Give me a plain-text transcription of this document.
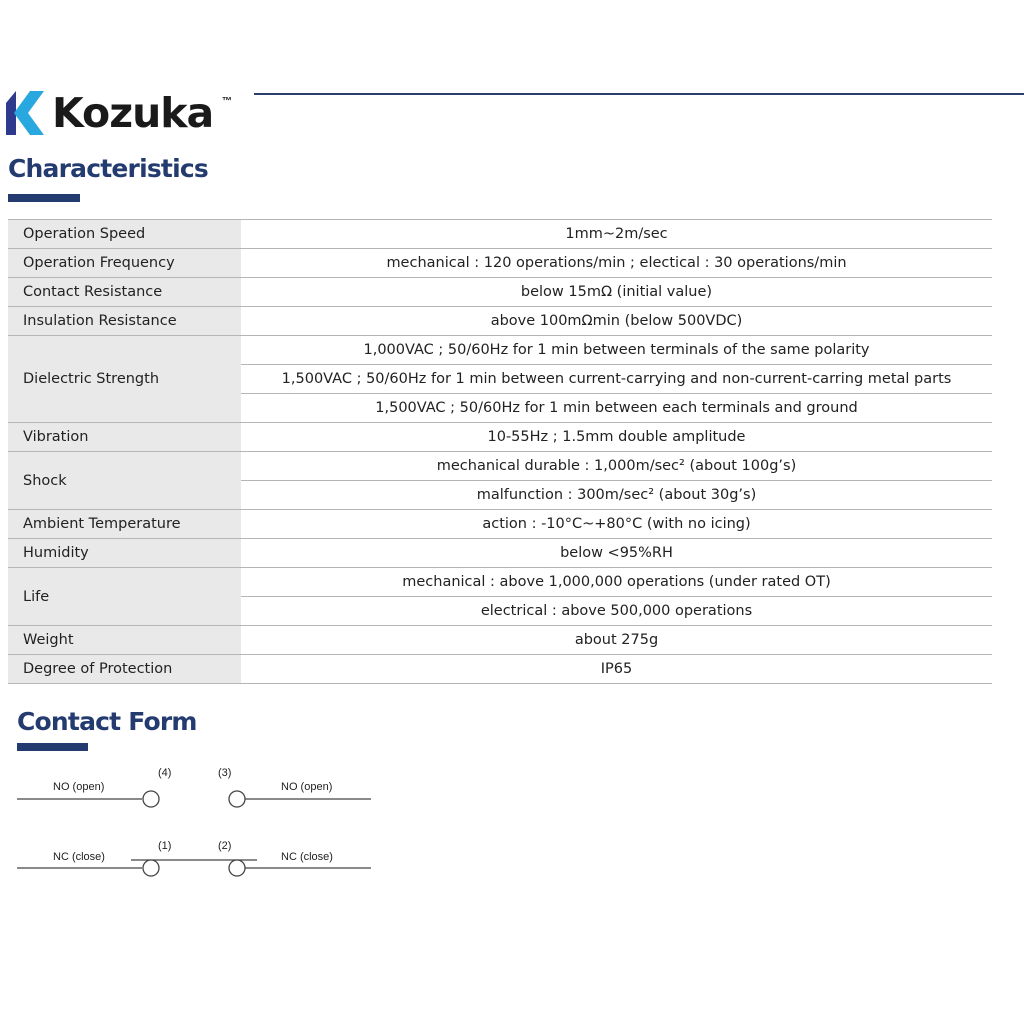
Kozuka ™
Characteristics
Operation Speed	1mm~2m/sec
Operation Frequency	mechanical : 120 operations/min ; electical : 30 operations/min
Contact Resistance	below 15mΩ (initial value)
Insulation Resistance	above 100mΩmin (below 500VDC)
Dielectric Strength	1,000VAC ; 50/60Hz for 1 min between terminals of the same polarity
	1,500VAC ; 50/60Hz for 1 min between current-carrying and non-current-carring metal parts
	1,500VAC ; 50/60Hz for 1 min between each terminals and ground
Vibration	10-55Hz ; 1.5mm double amplitude
Shock	mechanical durable : 1,000m/sec² (about 100g’s)
	malfunction : 300m/sec² (about 30g’s)
Ambient Temperature	action : -10°C~+80°C (with no icing)
Humidity	below <95%RH
Life	mechanical : above 1,000,000 operations (under rated OT)
	electrical : above 500,000 operations
Weight	about 275g
Degree of Protection	IP65
Contact Form
NO (open)	NO (open)
(4)	(3)
NC (close)	NC (close)
(1)	(2)
